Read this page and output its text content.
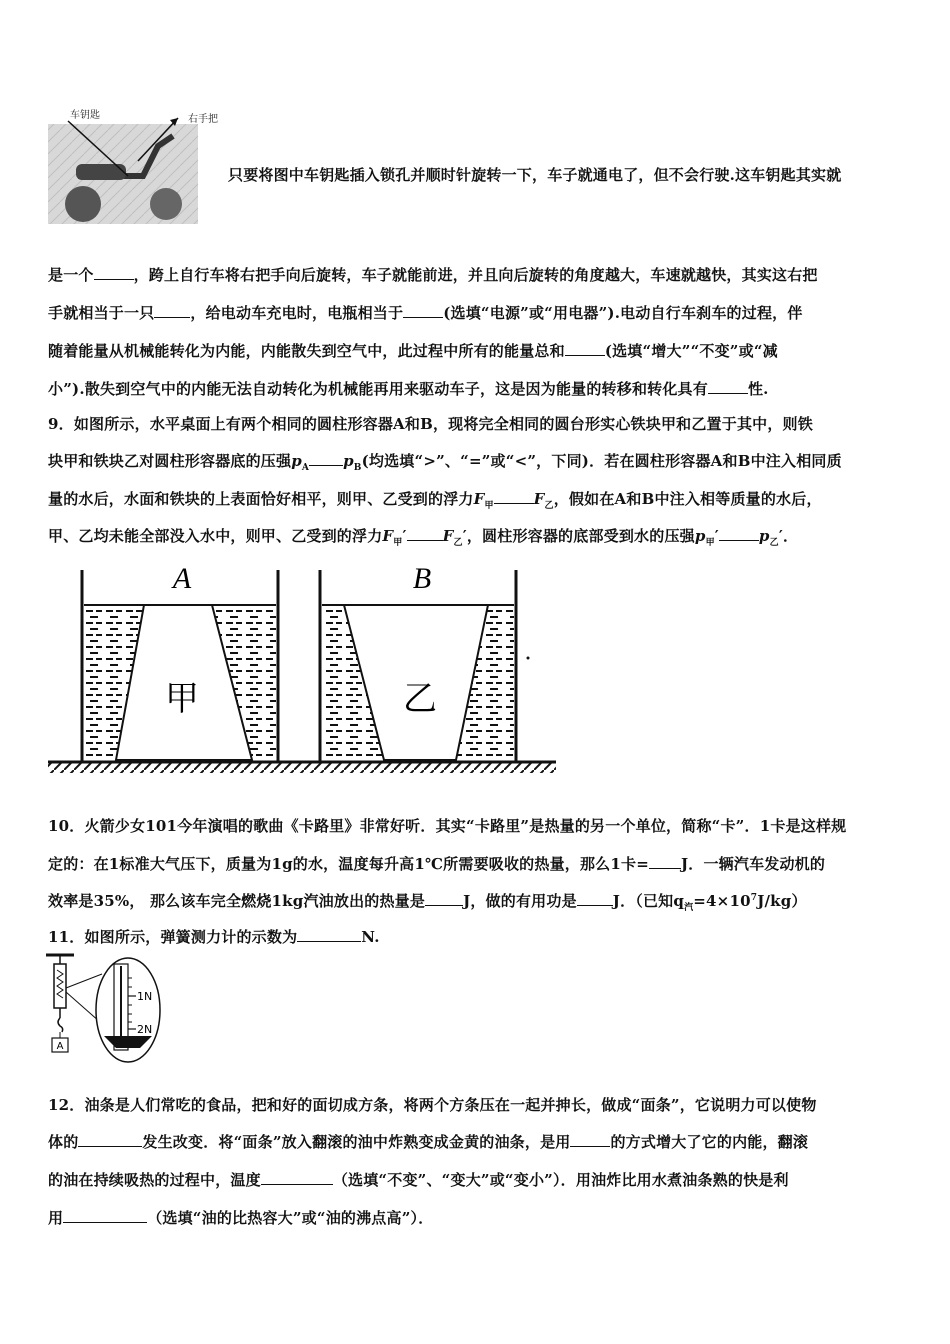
车钥匙	右手把
只要将图中车钥匙插入锁孔并顺时针旋转一下，车子就通电了，但不会行驶.这车钥匙其实就
是一个	，跨上自行车将右把手向后旋转，车子就能前进，并且向后旋转的角度越大，车速就越快，其实这右把
手就相当于一只 ，给电动车充电时，电瓶相当于	(选填“电源”或“用电器”).电动自行车刹车的过程，伴
随着能量从机械能转化为内能，内能散失到空气中，此过程中所有的能量总和	(选填“增大”“不变”或“减
小”).散失到空气中的内能无法自动转化为机械能再用来驱动车子，这是因为能量的转移和转化具有	性.
9．如图所示，水平桌面上有两个相同的圆柱形容器A和B，现将完全相同的圆台形实心铁块甲和乙置于其中，则铁
块甲和铁块乙对圆柱形容器底的压强$p_A$ $p_B$(均选填“>”、“=”或“<”，下同)．若在圆柱形容器A和B中注入相同质
量的水后，水面和铁块的上表面恰好相平，则甲、乙受到的浮力$F_甲$	$F_乙$，假如在A和B中注入相等质量的水后，
甲、乙均未能全部没入水中，则甲、乙受到的浮力$F_甲'$ $F_乙'$，圆柱形容器的底部受到水的压强$p_甲'$	$p_乙'$．
A
甲
B
乙
10．火箭少女101今年演唱的歌曲《卡路里》非常好听．其实“卡路里”是热量的另一个单位，简称“卡”．1卡是这样规
定的：在1标准大气压下，质量为1g的水，温度每升高1℃所需要吸收的热量，那么1卡= J．一辆汽车发动机的
效率是35%， 那么该车完全燃烧1kg汽油放出的热量是	J，做的有用功是 J．（已知$q_汽=4\times 10^7J/kg$）
11．如图所示，弹簧测力计的示数为	N.
A
1N
2N
12．油条是人们常吃的食品，把和好的面切成方条，将两个方条压在一起并抻长，做成“面条”，它说明力可以使物
体的	发生改变．将“面条”放入翻滚的油中炸熟变成金黄的油条，是用	的方式增大了它的内能，翻滚
的油在持续吸热的过程中，温度	（选填“不变”、“变大”或“变小”）．用油炸比用水煮油条熟的快是利
用	（选填“油的比热容大”或“油的沸点高”）．
